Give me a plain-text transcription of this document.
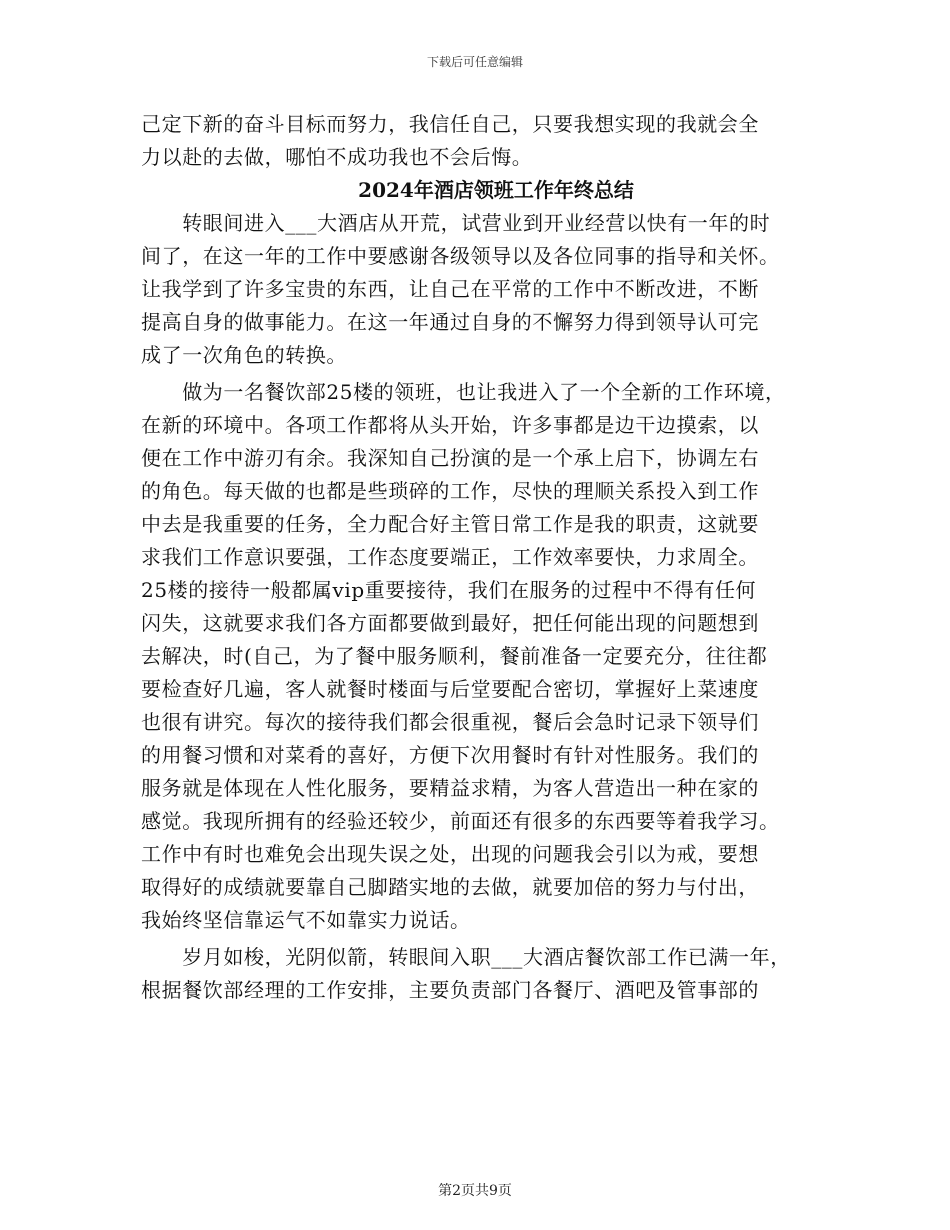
下载后可任意编辑
己定下新的奋斗目标而努力，我信任自己，只要我想实现的我就会全
力以赴的去做，哪怕不成功我也不会后悔。
2024年酒店领班工作年终总结
　　转眼间进入___大酒店从开荒，试营业到开业经营以快有一年的时
间了，在这一年的工作中要感谢各级领导以及各位同事的指导和关怀。
让我学到了许多宝贵的东西，让自己在平常的工作中不断改进，不断
提高自身的做事能力。在这一年通过自身的不懈努力得到领导认可完
成了一次角色的转换。
　　做为一名餐饮部25楼的领班，也让我进入了一个全新的工作环境，
在新的环境中。各项工作都将从头开始，许多事都是边干边摸索，以
便在工作中游刃有余。我深知自己扮演的是一个承上启下，协调左右
的角色。每天做的也都是些琐碎的工作，尽快的理顺关系投入到工作
中去是我重要的任务，全力配合好主管日常工作是我的职责，这就要
求我们工作意识要强，工作态度要端正，工作效率要快，力求周全。
25楼的接待一般都属vip重要接待，我们在服务的过程中不得有任何
闪失，这就要求我们各方面都要做到最好，把任何能出现的问题想到
去解决，时(自己，为了餐中服务顺利，餐前准备一定要充分，往往都
要检查好几遍，客人就餐时楼面与后堂要配合密切，掌握好上菜速度
也很有讲究。每次的接待我们都会很重视，餐后会急时记录下领导们
的用餐习惯和对菜肴的喜好，方便下次用餐时有针对性服务。我们的
服务就是体现在人性化服务，要精益求精，为客人营造出一种在家的
感觉。我现所拥有的经验还较少，前面还有很多的东西要等着我学习。
工作中有时也难免会出现失误之处，出现的问题我会引以为戒，要想
取得好的成绩就要靠自己脚踏实地的去做，就要加倍的努力与付出，
我始终坚信靠运气不如靠实力说话。
　　岁月如梭，光阴似箭，转眼间入职___大酒店餐饮部工作已满一年，
根据餐饮部经理的工作安排，主要负责部门各餐厅、酒吧及管事部的
第2页共9页
